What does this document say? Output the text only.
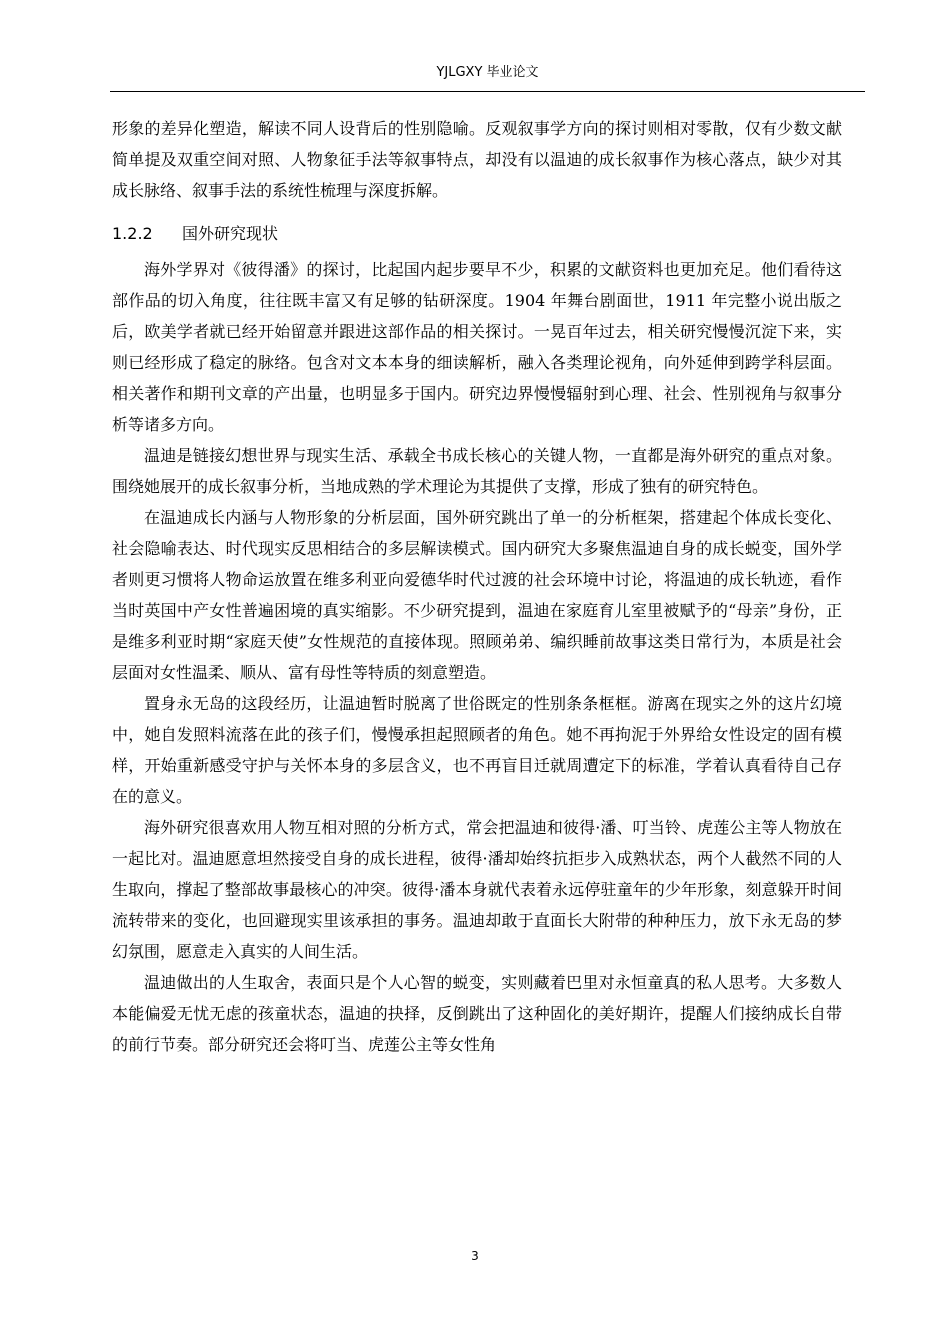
YJLGXY 毕业论文

形象的差异化塑造，解读不同人设背后的性别隐喻。反观叙事学方向的探讨则相对零散，仅有少数文献简单提及双重空间对照、人物象征手法等叙事特点，却没有以温迪的成长叙事作为核心落点，缺少对其成长脉络、叙事手法的系统性梳理与深度拆解。

1.2.2 国外研究现状

海外学界对《彼得潘》的探讨，比起国内起步要早不少，积累的文献资料也更加充足。他们看待这部作品的切入角度，往往既丰富又有足够的钻研深度。1904 年舞台剧面世，1911 年完整小说出版之后，欧美学者就已经开始留意并跟进这部作品的相关探讨。一晃百年过去，相关研究慢慢沉淀下来，实则已经形成了稳定的脉络。包含对文本本身的细读解析，融入各类理论视角，向外延伸到跨学科层面。相关著作和期刊文章的产出量，也明显多于国内。研究边界慢慢辐射到心理、社会、性别视角与叙事分析等诸多方向。

温迪是链接幻想世界与现实生活、承载全书成长核心的关键人物，一直都是海外研究的重点对象。围绕她展开的成长叙事分析，当地成熟的学术理论为其提供了支撑，形成了独有的研究特色。

在温迪成长内涵与人物形象的分析层面，国外研究跳出了单一的分析框架，搭建起个体成长变化、社会隐喻表达、时代现实反思相结合的多层解读模式。国内研究大多聚焦温迪自身的成长蜕变，国外学者则更习惯将人物命运放置在维多利亚向爱德华时代过渡的社会环境中讨论，将温迪的成长轨迹，看作当时英国中产女性普遍困境的真实缩影。不少研究提到，温迪在家庭育儿室里被赋予的“母亲”身份，正是维多利亚时期“家庭天使”女性规范的直接体现。照顾弟弟、编织睡前故事这类日常行为，本质是社会层面对女性温柔、顺从、富有母性等特质的刻意塑造。

置身永无岛的这段经历，让温迪暂时脱离了世俗既定的性别条条框框。游离在现实之外的这片幻境中，她自发照料流落在此的孩子们，慢慢承担起照顾者的角色。她不再拘泥于外界给女性设定的固有模样，开始重新感受守护与关怀本身的多层含义，也不再盲目迁就周遭定下的标准，学着认真看待自己存在的意义。

海外研究很喜欢用人物互相对照的分析方式，常会把温迪和彼得·潘、叮当铃、虎莲公主等人物放在一起比对。温迪愿意坦然接受自身的成长进程，彼得·潘却始终抗拒步入成熟状态，两个人截然不同的人生取向，撑起了整部故事最核心的冲突。彼得·潘本身就代表着永远停驻童年的少年形象，刻意躲开时间流转带来的变化，也回避现实里该承担的事务。温迪却敢于直面长大附带的种种压力，放下永无岛的梦幻氛围，愿意走入真实的人间生活。

温迪做出的人生取舍，表面只是个人心智的蜕变，实则藏着巴里对永恒童真的私人思考。大多数人本能偏爱无忧无虑的孩童状态，温迪的抉择，反倒跳出了这种固化的美好期许，提醒人们接纳成长自带的前行节奏。部分研究还会将叮当、虎莲公主等女性角

3
